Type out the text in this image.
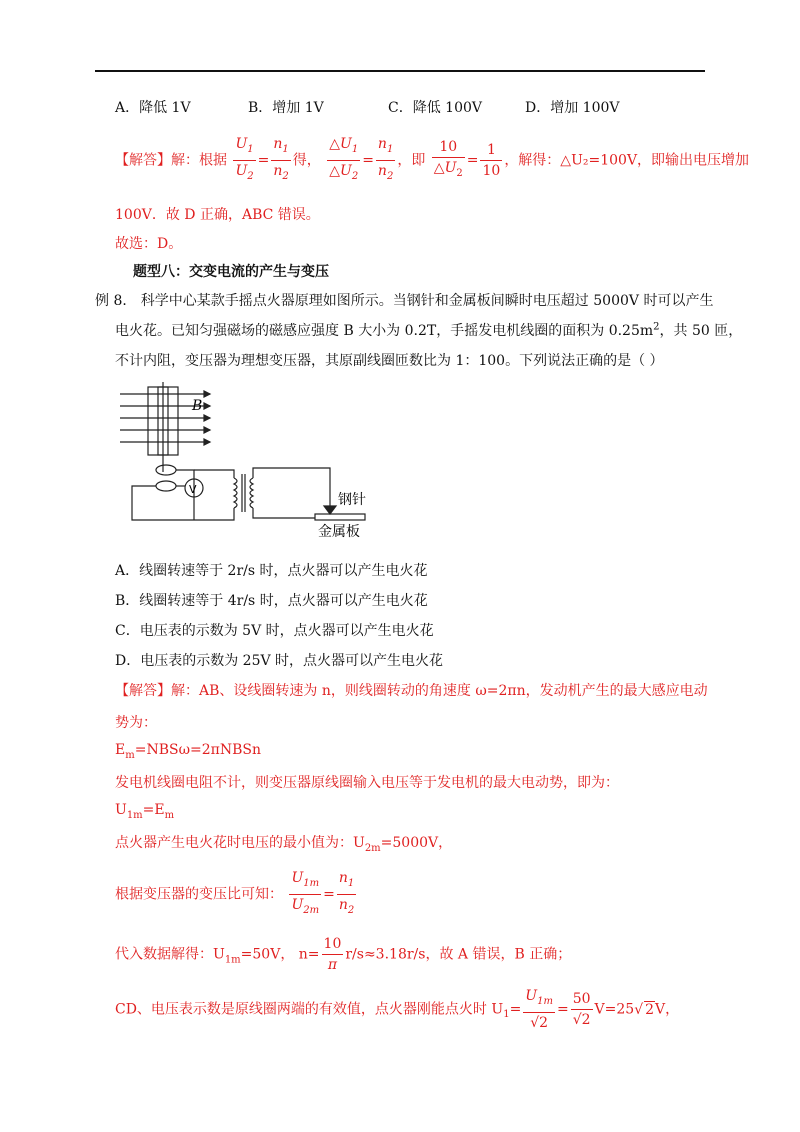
A．降低 1V	B．增加 1V	C．降低 100V	D．增加 100V
【解答】解：根据 $\frac{U_1}{U_2} = \frac{n_1}{n_2}$ 得， $\frac{\triangle U_1}{\triangle U_2} = \frac{n_1}{n_2}$ ，即 $\frac{10}{\triangle U_2} = \frac{1}{10}$ ，解得：△U₂=100V，即输出电压增加
100V．故 D 正确，ABC 错误。
故选：D。
题型八：交变电流的产生与变压
例 8． 科学中心某款手摇点火器原理如图所示。当钢针和金属板间瞬时电压超过 5000V 时可以产生
电火花。已知匀强磁场的磁感应强度 B 大小为 0.2T，手摇发电机线圈的面积为 $0.25m^2$，共 50 匝，
不计内阻，变压器为理想变压器，其原副线圈匝数比为 1：100。下列说法正确的是（ ）
B
V
钢针
金属板
A．线圈转速等于 2r/s 时，点火器可以产生电火花
B．线圈转速等于 4r/s 时，点火器可以产生电火花
C．电压表的示数为 5V 时，点火器可以产生电火花
D．电压表的示数为 25V 时，点火器可以产生电火花
【解答】解：AB、设线圈转速为 n，则线圈转动的角速度 ω=2πn，发动机产生的最大感应电动
势为：
$E_m=NBS\omega=2\pi NBSn$
发电机线圈电阻不计，则变压器原线圈输入电压等于发电机的最大电动势，即为：
$U_{1m}=E_m$
点火器产生电火花时电压的最小值为：$U_{2m}=5000V$，
根据变压器的变压比可知： $\frac{U_{1m}}{U_{2m}} = \frac{n_1}{n_2}$
代入数据解得：$U_{1m}=50V$， $n= \frac{10}{\pi} r/s\approx 3.18r/s$，故 A 错误，B 正确；
CD、电压表示数是原线圈两端的有效值，点火器刚能点火时 $U_1= \frac{U_{1m}}{√2} = \frac{50}{√2} V=25√$ 2V，
